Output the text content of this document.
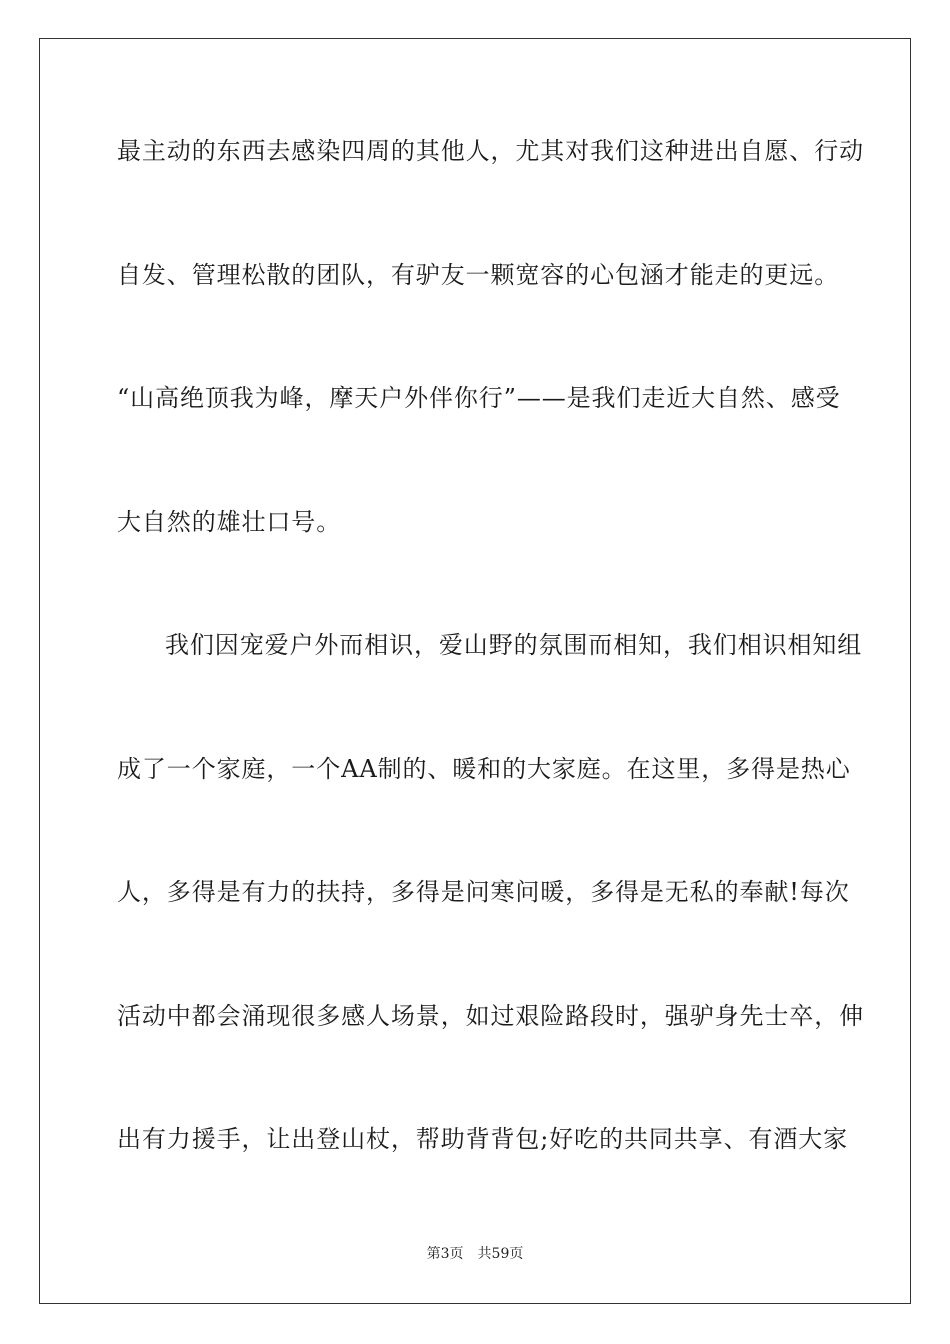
最主动的东西去感染四周的其他人，尤其对我们这种进出自愿、行动
自发、管理松散的团队，有驴友一颗宽容的心包涵才能走的更远。
“山高绝顶我为峰，摩天户外伴你行”——是我们走近大自然、感受
大自然的雄壮口号。
我们因宠爱户外而相识，爱山野的氛围而相知，我们相识相知组
成了一个家庭，一个AA制的、暖和的大家庭。在这里，多得是热心
人，多得是有力的扶持，多得是问寒问暖，多得是无私的奉献!每次
活动中都会涌现很多感人场景，如过艰险路段时，强驴身先士卒，伸
出有力援手，让出登山杖，帮助背背包;好吃的共同共享、有酒大家
第3页 共59页
